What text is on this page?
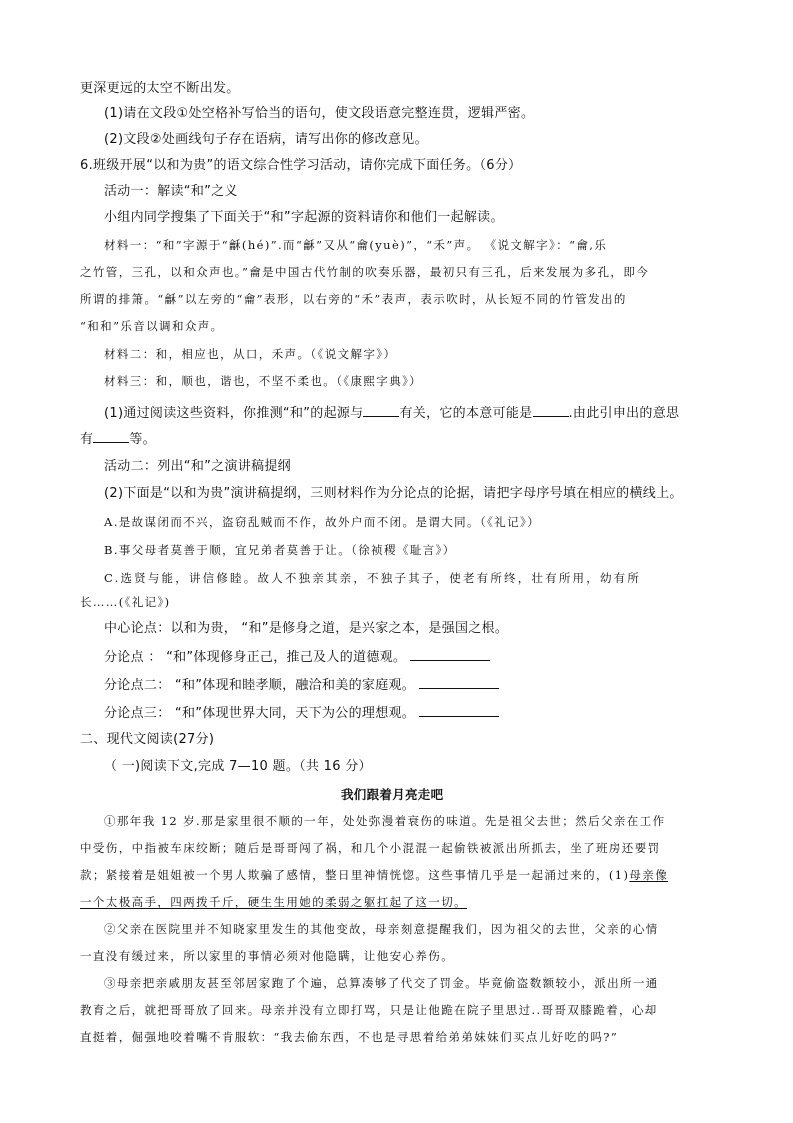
更深更远的太空不断出发。
(1)请在文段①处空格补写恰当的语句，使文段语意完整连贯，逻辑严密。
(2)文段②处画线句子存在语病，请写出你的修改意见。
6.班级开展“以和为贵”的语文综合性学习活动，请你完成下面任务。（6分）
活动一：解读“和”之义
小组内同学搜集了下面关于“和”字起源的资料请你和他们一起解读。
材料一：“和”字源于“龢(hé)”.而“龢”又从“龠(yuè)”，“禾”声。 《说文解字》：“龠,乐
之竹管，三孔，以和众声也。”龠是中国古代竹制的吹奏乐器，最初只有三孔，后来发展为多孔，即今
所谓的排箫。“龢”以左旁的“龠”表形，以右旁的“禾”表声，表示吹时，从长短不同的竹管发出的
“和和”乐音以调和众声。
材料二：和，相应也，从口，禾声。（《说文解字》）
材料三：和，顺也，谐也，不坚不柔也。（《康熙字典》）
(1)通过阅读这些资料，你推测“和”的起源与	有关，它的本意可能是	.由此引申出的意思
有	等。
活动二：列出“和”之演讲稿提纲
(2)下面是“以和为贵”演讲稿提纲，三则材料作为分论点的论据，请把字母序号填在相应的横线上。
A.是故谋闭而不兴，盗窃乱贼而不作，故外户而不闭。是谓大同。（《礼记》）
B.事父母者莫善于顺，宜兄弟者莫善于让。（徐祯稷《耻言》）
C.选贤与能，讲信修睦。故人不独亲其亲，不独子其子，使老有所终，壮有所用，幼有所
长……(《礼记》)
中心论点：以和为贵， “和”是修身之道，是兴家之本，是强国之根。
分论点 ： “和”体现修身正己，推己及人的道德观。
分论点二： “和”体现和睦孝顺，融洽和美的家庭观。
分论点三： “和”体现世界大同，天下为公的理想观。
二、现代文阅读(27分)
（ 一)阅读下文,完成 7—10 题。（共 16 分）
我们跟着月亮走吧
①那年我 12 岁.那是家里很不顺的一年，处处弥漫着衰伤的味道。先是祖父去世；然后父亲在工作
中受伤，中指被车床绞断；随后是哥哥闯了祸，和几个小混混一起偷铁被派出所抓去，坐了班房还要罚
款；紧接着是姐姐被一个男人欺骗了感情，整日里神情恍惚。这些事情几乎是一起涌过来的，(1)母亲像
一个太极高手，四两拨千斤，硬生生用她的柔弱之躯扛起了这一切。
②父亲在医院里并不知晓家里发生的其他变故，母亲刻意提醒我们，因为祖父的去世，父亲的心情
一直没有缓过来，所以家里的事情必须对他隐瞒，让他安心养伤。
③母亲把亲戚朋友甚至邻居家跑了个遍，总算凑够了代交了罚金。毕竟偷盗数额较小，派出所一通
教育之后，就把哥哥放了回来。母亲并没有立即打骂，只是让他跪在院子里思过..哥哥双膝跪着，心却
直挺着，倔强地咬着嘴不肯服软：“我去偷东西，不也是寻思着给弟弟妹妹们买点儿好吃的吗?”
